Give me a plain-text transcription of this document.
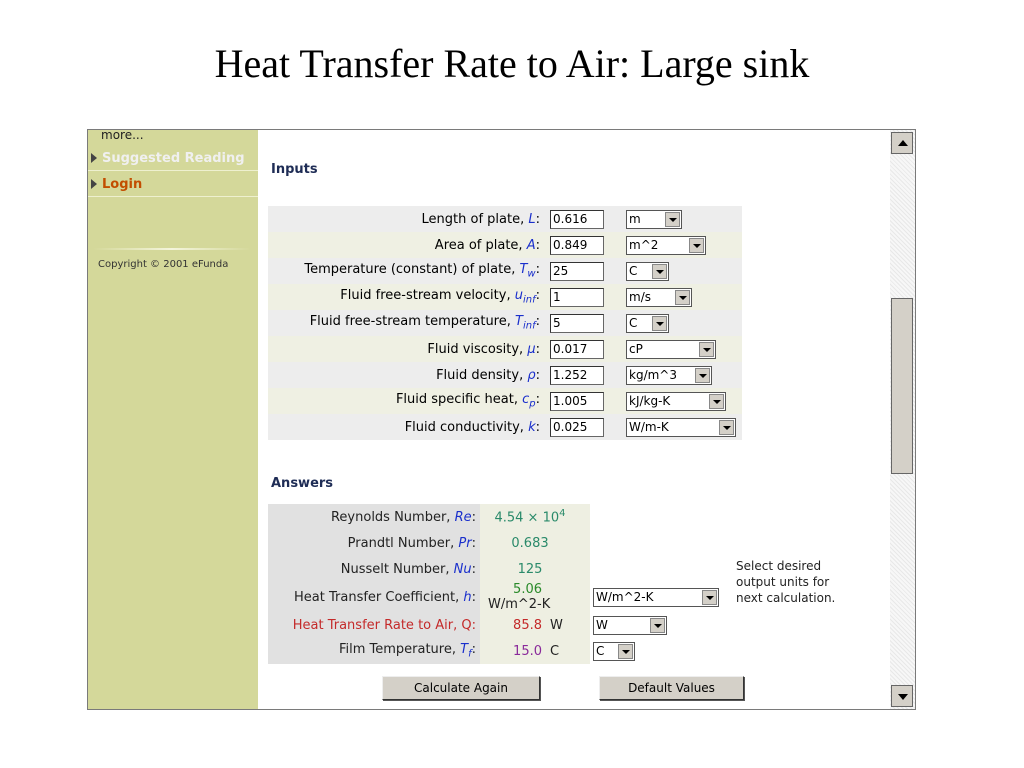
Heat Transfer Rate to Air: Large sink
more...
Suggested Reading
Login
Copyright © 2001 eFunda
Inputs
Length of plate, L:	0.616	m

Area of plate, A:	0.849	m^2

Temperature (constant) of plate, $T_w$:	25	C

Fluid free-stream velocity, $u_{inf}$:	1	m/s

Fluid free-stream temperature, $T_{inf}$:	5	C

Fluid viscosity, μ:	0.017	cP

Fluid density, ρ:	1.252	kg/m^3

Fluid specific heat, $c_p$:	1.005	kJ/kg-K

Fluid conductivity, k:	0.025	W/m-K
Answers
Reynolds Number, Re:	$4.54 \times 10^4$	
Prandtl Number, Pr:	0.683	
Nusselt Number, Nu:	125	
Heat Transfer Coefficient, h:	5.06W/m^2-K	W/m^2-K

Heat Transfer Rate to Air, Q:	85.8 W	W

Film Temperature, $T_f$:	15.0 C	C
Select desired
output units for
next calculation.
Calculate Again	Default Values
